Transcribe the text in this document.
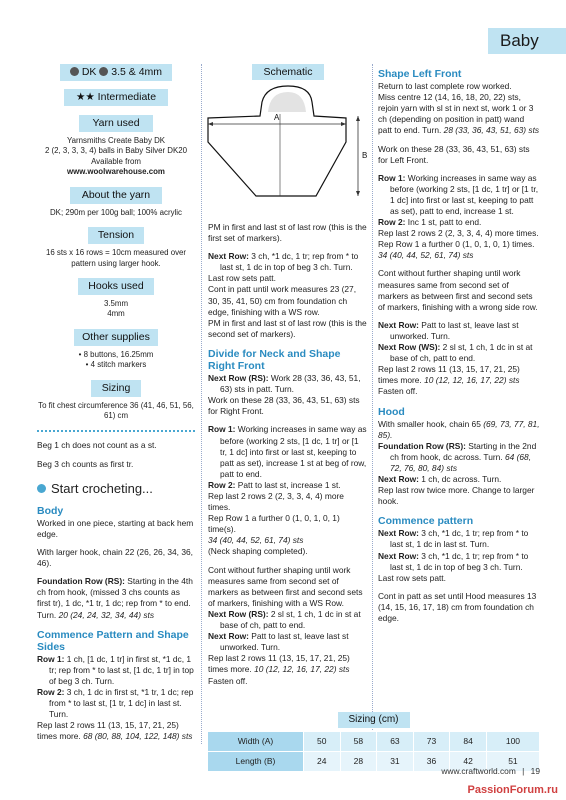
Baby
DK 3.5 & 4mm
★★ Intermediate
Yarn used
Yarnsmiths Create Baby DK
2 (2, 3, 3, 3, 4) balls in Baby Silver DK20
Available from
www.woolwarehouse.com
About the yarn
DK; 290m per 100g ball; 100% acrylic
Tension
16 sts x 16 rows = 10cm measured over pattern using larger hook.
Hooks used
3.5mm
4mm
Other supplies
• 8 buttons, 16.25mm
• 4 stitch markers
Sizing
To fit chest circumference 36 (41, 46, 51, 56, 61) cm

Beg 1 ch does not count as a st.

Beg 3 ch counts as first tr.

Start crocheting...
Body

Worked in one piece, starting at back hem edge.

With larger hook, chain 22 (26, 26, 34, 36, 46).

Foundation Row (RS): Starting in the 4th ch from hook, (missed 3 chs counts as first tr), 1 dc, *1 tr, 1 dc; rep from * to end. Turn. 20 (24, 24, 32, 34, 44) sts

Commence Pattern and Shape Sides
Row 1: 1 ch, [1 dc, 1 tr] in first st, *1 dc, 1 tr; rep from * to last st, [1 dc, 1 tr] in top of beg 3 ch. Turn.
Row 2: 3 ch, 1 dc in first st, *1 tr, 1 dc; rep from * to last st, [1 tr, 1 dc] in last st. Turn.
Rep last 2 rows 11 (13, 15, 17, 21, 25) times more. 68 (80, 88, 104, 122, 148) sts
Schematic
A
B

PM in first and last st of last row (this is the first set of markers).

Next Row: 3 ch, *1 dc, 1 tr; rep from * to last st, 1 dc in top of beg 3 ch. Turn.
Last row sets patt.
Cont in patt until work measures 23 (27, 30, 35, 41, 50) cm from foundation ch edge, finishing with a WS row.

PM in first and last st of last row (this is the second set of markers).

Divide for Neck and Shape Right Front
Next Row (RS): Work 28 (33, 36, 43, 51, 63) sts in patt. Turn.

Work on these 28 (33, 36, 43, 51, 63) sts for Right Front.

Row 1: Working increases in same way as before (working 2 sts, [1 dc, 1 tr] or [1 tr, 1 dc] into first or last st, keeping to patt as set), increase 1 st at beg of row, patt to end.
Row 2: Patt to last st, increase 1 st.
Rep last 2 rows 2 (2, 3, 3, 4, 4) more times.
Rep Row 1 a further 0 (1, 0, 1, 0, 1) time(s).
34 (40, 44, 52, 61, 74) sts

(Neck shaping completed).

Cont without further shaping until work measures same from second set of markers as between first and second sets of markers, finishing with a WS Row.
Next Row (RS): 2 sl st, 1 ch, 1 dc in st at base of ch, patt to end.
Next Row: Patt to last st, leave last st unworked. Turn.
Rep last 2 rows 11 (13, 15, 17, 21, 25) times more. 10 (12, 12, 16, 17, 22) sts
Fasten off.
Shape Left Front
Return to last complete row worked.

Miss centre 12 (14, 16, 18, 20, 22) sts, rejoin yarn with sl st in next st, work 1 or 3 ch (depending on position in patt) wand patt to end. Turn. 28 (33, 36, 43, 51, 63) sts

Work on these 28 (33, 36, 43, 51, 63) sts for Left Front.

Row 1: Working increases in same way as before (working 2 sts, [1 dc, 1 tr] or [1 tr, 1 dc] into first or last st, keeping to patt as set), patt to end, increase 1 st.
Row 2: Inc 1 st, patt to end.
Rep last 2 rows 2 (2, 3, 3, 4, 4) more times.
Rep Row 1 a further 0 (1, 0, 1, 0, 1) times.

34 (40, 44, 52, 61, 74) sts

Cont without further shaping until work measures same from second set of markers as between first and second sets of markers, finishing with a wrong side row.

Next Row: Patt to last st, leave last st unworked. Turn.
Next Row (WS): 2 sl st, 1 ch, 1 dc in st at base of ch, patt to end.
Rep last 2 rows 11 (13, 15, 17, 21, 25) times more. 10 (12, 12, 16, 17, 22) sts
Fasten off.
Hood
With smaller hook, chain 65 (69, 73, 77, 81, 85).
Foundation Row (RS): Starting in the 2nd ch from hook, dc across. Turn. 64 (68, 72, 76, 80, 84) sts
Next Row: 1 ch, dc across. Turn.
Rep last row twice more. Change to larger hook.
Commence pattern
Next Row: 3 ch, *1 dc, 1 tr; rep from * to last st, 1 dc in last st. Turn.
Next Row: 3 ch, *1 dc, 1 tr; rep from * to last st, 1 dc in top of beg 3 ch. Turn.

Last row sets patt.

Cont in patt as set until Hood measures 13 (14, 15, 16, 17, 18) cm from foundation ch edge.

Sizing (cm)
Width (A)	50	58	63	73	84	100
Length (B)	24	28	31	36	42	51
www.craftworld.com | 19
PassionForum.ru
